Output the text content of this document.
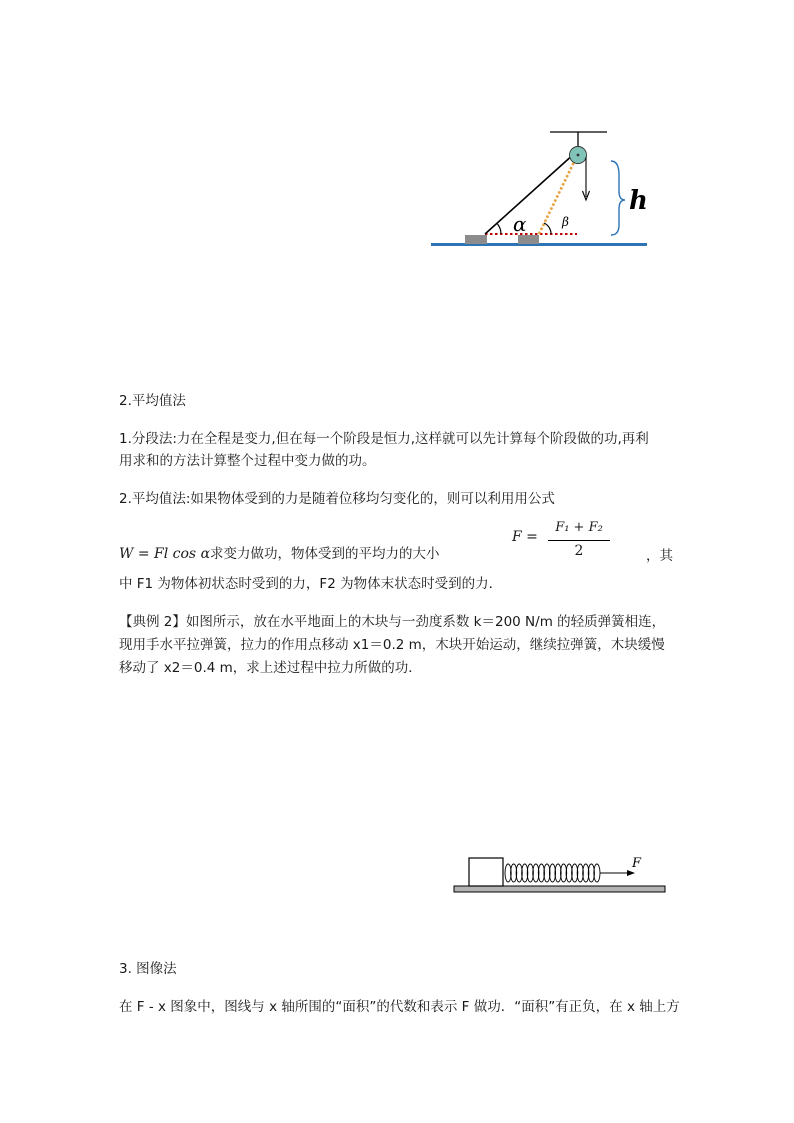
α	β
h
2.平均值法
1.分段法:力在全程是变力,但在每一个阶段是恒力,这样就可以先计算每个阶段做的功,再利
用求和的方法计算整个过程中变力做的功。
2.平均值法:如果物体受到的力是随着位移均匀变化的，则可以利用用公式
W = Fl cos α求变力做功，物体受到的平均力的大小
F =
F₁ + F₂
2	，其
中 F1 为物体初状态时受到的力，F2 为物体末状态时受到的力．
【典例 2】如图所示，放在水平地面上的木块与一劲度系数 k＝200 N/m 的轻质弹簧相连，
现用手水平拉弹簧，拉力的作用点移动 x1＝0.2 m，木块开始运动，继续拉弹簧，木块缓慢
移动了 x2＝0.4 m，求上述过程中拉力所做的功．
F
3. 图像法
在 F - x 图象中，图线与 x 轴所围的“面积”的代数和表示 F 做功．“面积”有正负，在 x 轴上方
